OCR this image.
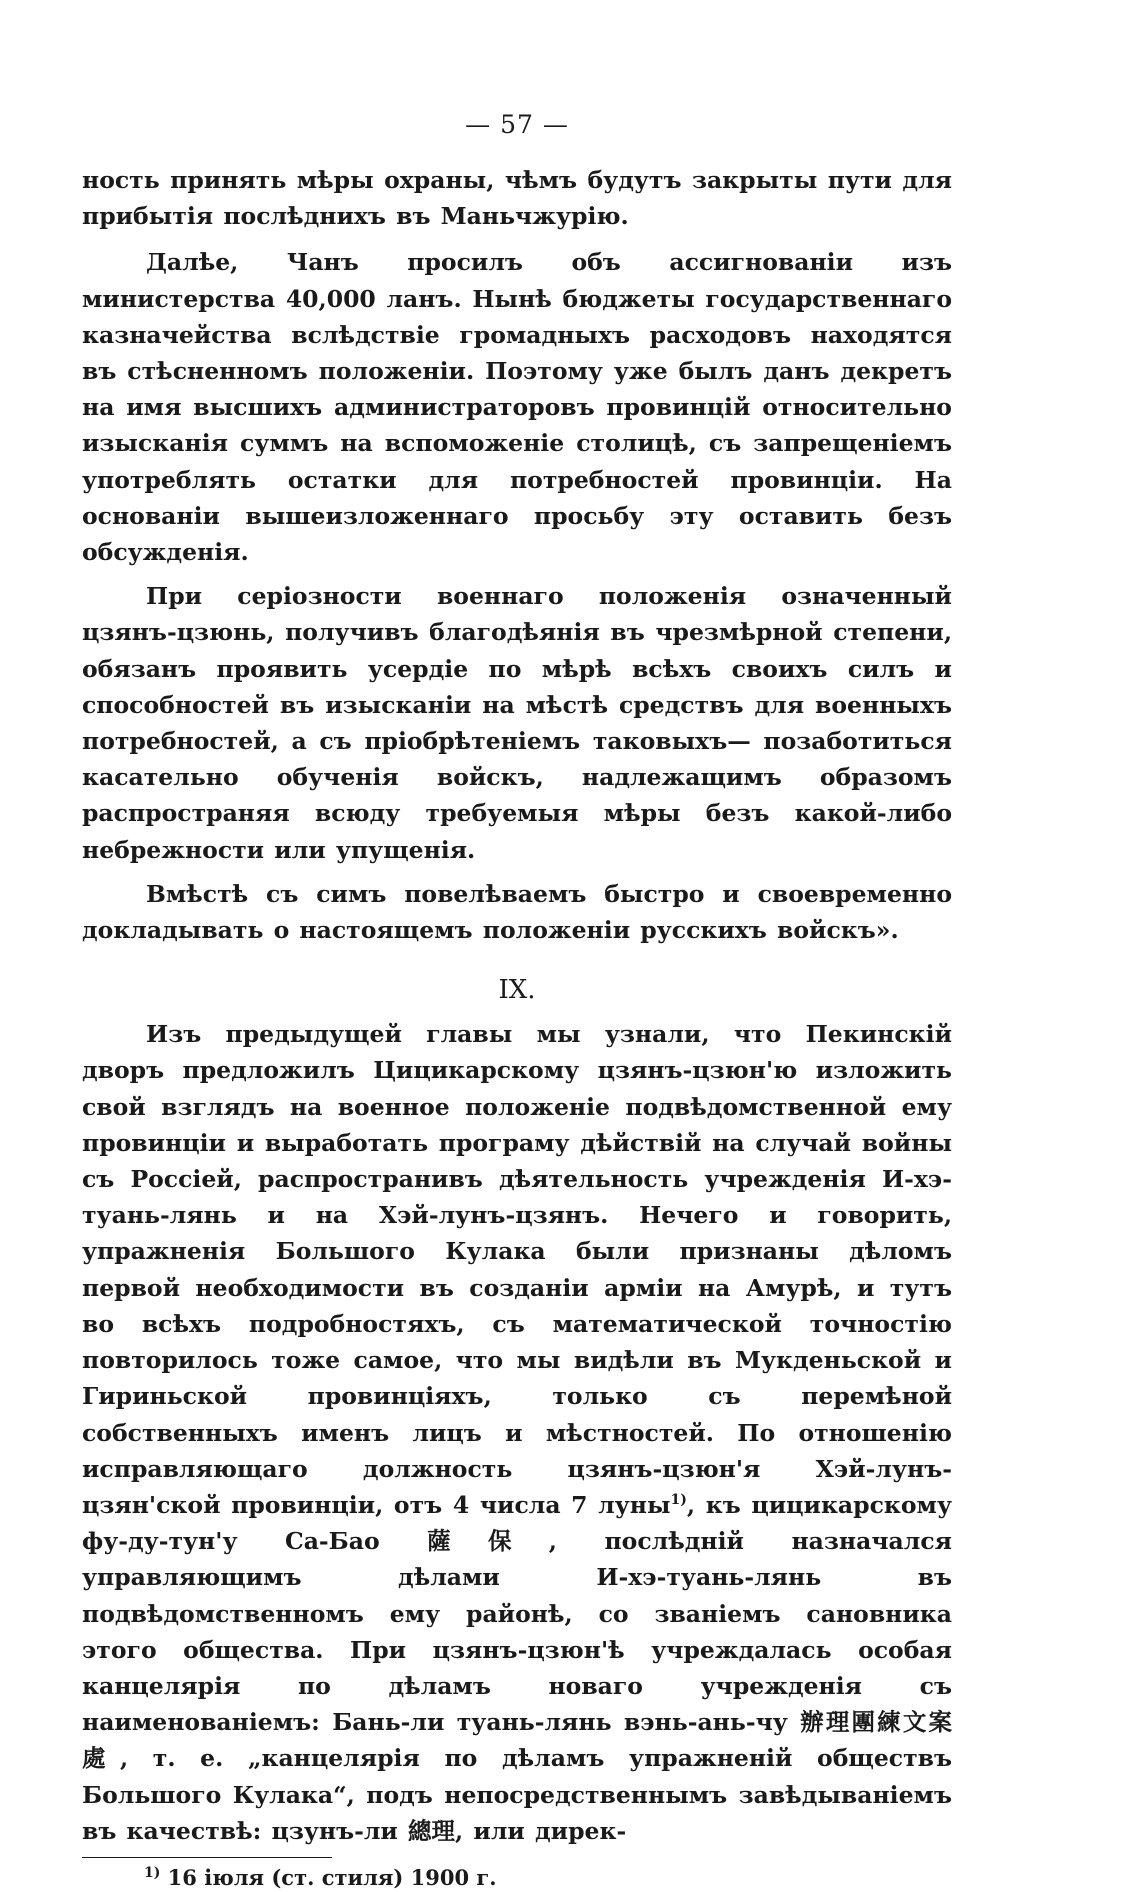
— 57 —

ность принять мѣры охраны, чѣмъ будутъ закрыты пути для прибытія послѣднихъ въ Маньчжурію.

Далѣе, Чанъ просилъ объ ассигнованіи изъ министерства 40,000 ланъ. Нынѣ бюджеты государственнаго казначейства вслѣдствіе громадныхъ расходовъ находятся въ стѣсненномъ положеніи. Поэтому уже былъ данъ декретъ на имя высшихъ администраторовъ провинцій относительно изысканія суммъ на вспоможеніе столицѣ, съ запрещеніемъ употреблять остатки для потребностей провинціи. На основаніи вышеизложеннаго просьбу эту оставить безъ обсужденія.

При серіозности военнаго положенія означенный цзянъ-цзюнь, получивъ благодѣянія въ чрезмѣрной степени, обязанъ проявить усердіе по мѣрѣ всѣхъ своихъ силъ и способностей въ изысканіи на мѣстѣ средствъ для военныхъ потребностей, а съ пріобрѣтеніемъ таковыхъ— позаботиться касательно обученія войскъ, надлежащимъ образомъ распространяя всюду требуемыя мѣры безъ какой-либо небрежности или упущенія.

Вмѣстѣ съ симъ повелѣваемъ быстро и своевременно докладывать о настоящемъ положеніи русскихъ войскъ».

IX.

Изъ предыдущей главы мы узнали, что Пекинскій дворъ предложилъ Цицикарскому цзянъ-цзюн'ю изложить свой взглядъ на военное положеніе подвѣдомственной ему провинціи и выработать програму дѣйствій на случай войны съ Россіей, распространивъ дѣятельность учрежденія И-хэ-туань-лянь и на Хэй-лунъ-цзянъ. Нечего и говорить, упражненія Большого Кулака были признаны дѣломъ первой необходимости въ созданіи арміи на Амурѣ, и тутъ во всѣхъ подробностяхъ, съ математической точностію повторилось тоже самое, что мы видѣли въ Мукденьской и Гириньской провинціяхъ, только съ перемѣной собственныхъ именъ лицъ и мѣстностей. По отношенію исправляющаго должность цзянъ-цзюн'я Хэй-лунъ-цзян'ской провинціи, отъ 4 числа 7 луны$^{1)}$, къ цицикарскому фу-ду-тун'у Са-Бао 薩保, послѣдній назначался управляющимъ дѣлами И-хэ-туань-лянь въ подвѣдомственномъ ему районѣ, со званіемъ сановника этого общества. При цзянъ-цзюн'ѣ учреждалась особая канцелярія по дѣламъ новаго учрежденія съ наименованіемъ: Бань-ли туань-лянь вэнь-ань-чу 辦理團練文案處, т. е. „канцелярія по дѣламъ упражненій обществъ Большого Кулака“, подъ непосредственнымъ завѣдываніемъ въ качествѣ: цзунъ-ли 總理, или дирек-

$^{1)}$ 16 іюля (ст. стиля) 1900 г.
